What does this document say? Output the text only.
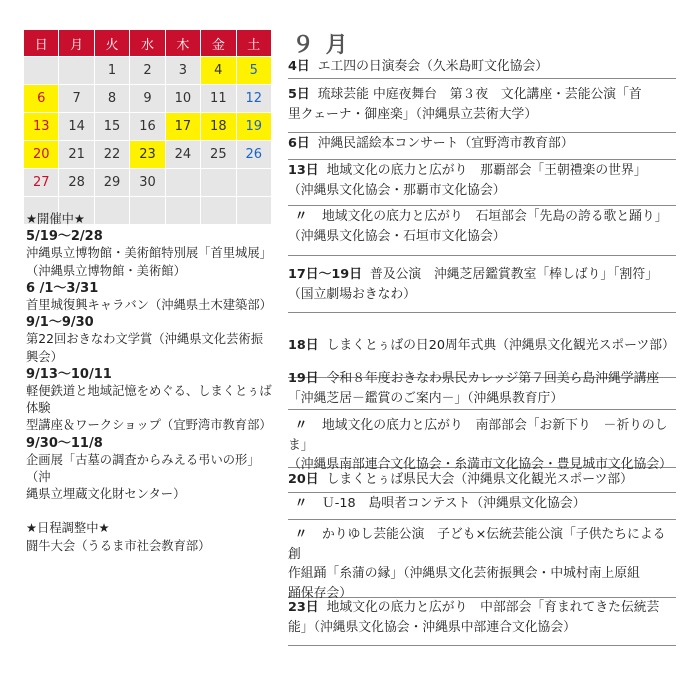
日	月	火	水	木	金	土
		1	2	3	4	5
6	7	8	9	10	11	12
13	14	15	16	17	18	19
20	21	22	23	24	25	26
27	28	29	30			

★開催中★
5/19～2/28
沖縄県立博物館・美術館特別展「首里城展」
（沖縄県立博物館・美術館）
6 /1～3/31
首里城復興キャラバン（沖縄県土木建築部）
9/1～9/30
第22回おきなわ文学賞（沖縄県文化芸術振
興会）
9/13～10/11
軽便鉄道と地域記憶をめぐる、しまくとぅば体験
型講座＆ワークショップ（宜野湾市教育部）
9/30～11/8
企画展「古墓の調査からみえる弔いの形」（沖
縄県立埋蔵文化財センター）
★日程調整中★
闘牛大会（うるま市社会教育部）
９ 月
4日 エ工四の日演奏会（久米島町文化協会）
5日 琉球芸能 中庭夜舞台　第３夜　文化講座・芸能公演「首
里クェーナ・御座楽」（沖縄県立芸術大学）
6日 沖縄民謡絵本コンサート（宜野湾市教育部）
13日 地域文化の底力と広がり　那覇部会「王朝禮楽の世界」
（沖縄県文化協会・那覇市文化協会）
〃 地域文化の底力と広がり　石垣部会「先島の誇る歌と踊り」
（沖縄県文化協会・石垣市文化協会）
17日～19日 普及公演　沖縄芝居鑑賞教室「棒しばり」「割符」
（国立劇場おきなわ）
18日 しまくとぅばの日20周年式典（沖縄県文化観光スポーツ部）
19日 令和８年度おきなわ県民カレッジ第７回美ら島沖縄学講座
「沖縄芝居－鑑賞のご案内－」（沖縄県教育庁）
〃 地域文化の底力と広がり　南部部会「お新下り　－祈りのしま」
（沖縄県南部連合文化協会・糸満市文化協会・豊見城市文化協会）
20日 しまくとぅば県民大会（沖縄県文化観光スポーツ部）
〃 Ｕ-18　島唄者コンテスト（沖縄県文化協会）
〃 かりゆし芸能公演　子ども×伝統芸能公演「子供たちによる創
作組踊「糸蒲の縁」（沖縄県文化芸術振興会・中城村南上原組
踊保存会）
23日 地域文化の底力と広がり　中部部会「育まれてきた伝統芸
能」（沖縄県文化協会・沖縄県中部連合文化協会）
